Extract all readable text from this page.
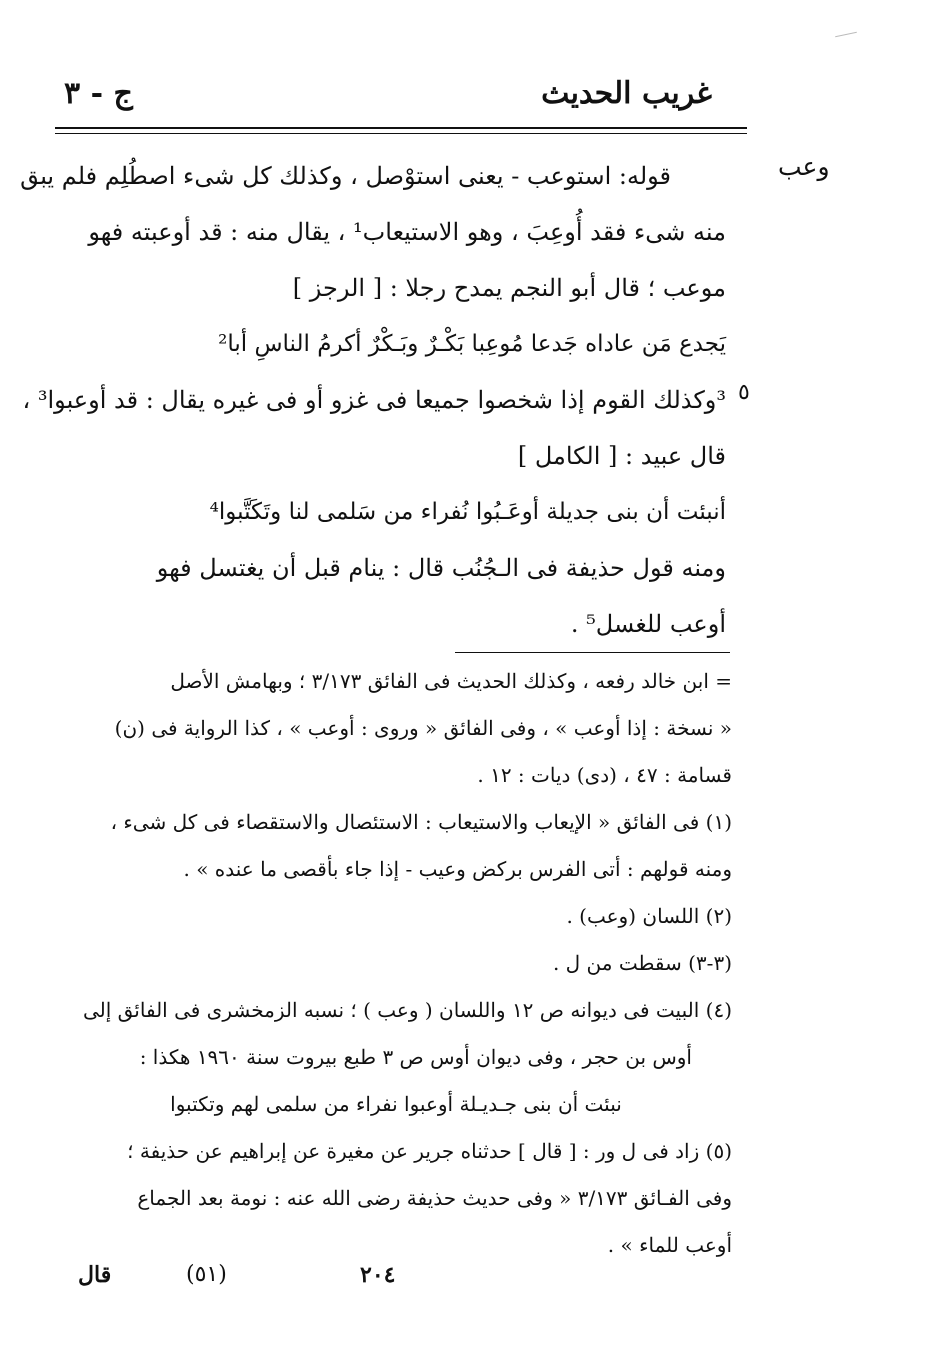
غريب الحديث
ج - ٣
وعب
٥
قوله: استوعب - يعنى استوْصل ، وكذلك كل شىء اصطُلِم فلم يبق
منه شىء فقد أُوعِبَ ، وهو الاستيعاب¹ ، يقال منه : قد أوعبته فهو
موعب ؛ قال أبو النجم يمدح رجلا : [ الرجز ]
يَجدع مَن عاداه جَدعا مُوعِبا بَكْـرٌ وبَـكْرٌ أكرمُ الناسِ أبا²
³وكذلك القوم إذا شخصوا جميعا فى غزو أو فى غيره يقال : قد أوعبوا³ ،
قال عبيد : [ الكامل ]
أنبئت أن بنى جديلة أوعَـبُوا نُفراء من سَلمى لنا وتَكَتَّبوا⁴
ومنه قول حذيفة فى الـجُنُب قال : ينام قبل أن يغتسل فهو
أوعب للغسل⁵ .
= ابن خالد رفعه ، وكذلك الحديث فى الفائق ٣/١٧٣ ؛ وبهامش الأصل
« نسخة : إذا أوعب » ، وفى الفائق « وروى : أوعب » ، كذا الرواية فى (ن)
قسامة : ٤٧ ، (دى) ديات : ١٢ .
(١) فى الفائق « الإيعاب والاستيعاب : الاستئصال والاستقصاء فى كل شىء ،
ومنه قولهم : أتى الفرس بركض وعيب - إذا جاء بأقصى ما عنده » .
(٢) اللسان (وعب) .
(٣-٣) سقطت من ل .
(٤) البيت فى ديوانه ص ١٢ واللسان ( وعب ) ؛ نسبه الزمخشرى فى الفائق إلى
أوس بن حجر ، وفى ديوان أوس ص ٣ طبع بيروت سنة ١٩٦٠ هكذا :
نبئت أن بنى جـديـلة أوعبوا نفراء من سلمى لهم وتكتبوا
(٥) زاد فى ل ور : [ قال ] حدثناه جرير عن مغيرة عن إبراهيم عن حذيفة ؛
وفى الفـائق ٣/١٧٣ « وفى حديث حذيفة رضى الله عنه : نومة بعد الجماع
أوعب للماء » .
٢٠٤
(٥١)
قال
